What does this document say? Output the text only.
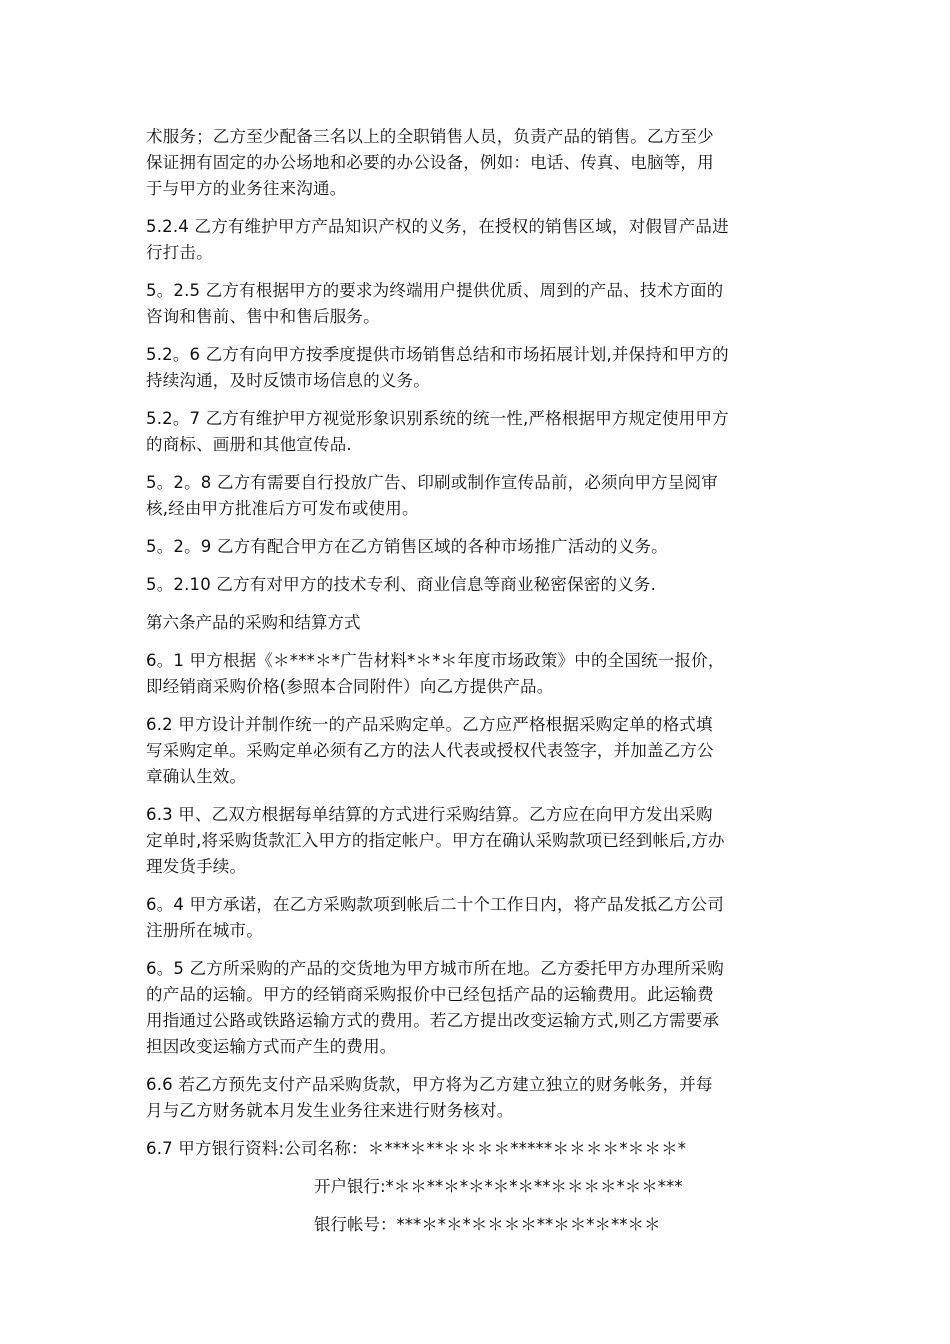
术服务；乙方至少配备三名以上的全职销售人员，负责产品的销售。乙方至少
保证拥有固定的办公场地和必要的办公设备，例如：电话、传真、电脑等，用
于与甲方的业务往来沟通。

5.2.4 乙方有维护甲方产品知识产权的义务，在授权的销售区域，对假冒产品进
行打击。

5。2.5 乙方有根据甲方的要求为终端用户提供优质、周到的产品、技术方面的
咨询和售前、售中和售后服务。

5.2。6 乙方有向甲方按季度提供市场销售总结和市场拓展计划,并保持和甲方的
持续沟通，及时反馈市场信息的义务。

5.2。7 乙方有维护甲方视觉形象识别系统的统一性,严格根据甲方规定使用甲方
的商标、画册和其他宣传品.

5。2。8 乙方有需要自行投放广告、印刷或制作宣传品前，必须向甲方呈阅审
核,经由甲方批准后方可发布或使用。

5。2。9 乙方有配合甲方在乙方销售区域的各种市场推广活动的义务。

5。2.10 乙方有对甲方的技术专利、商业信息等商业秘密保密的义务.

第六条产品的采购和结算方式

6。1 甲方根据《＊***＊*广告材料*＊*＊年度市场政策》中的全国统一报价，
即经销商采购价格(参照本合同附件）向乙方提供产品。

6.2 甲方设计并制作统一的产品采购定单。乙方应严格根据采购定单的格式填
写采购定单。采购定单必须有乙方的法人代表或授权代表签字，并加盖乙方公
章确认生效。

6.3 甲、乙双方根据每单结算的方式进行采购结算。乙方应在向甲方发出采购
定单时,将采购货款汇入甲方的指定帐户。甲方在确认采购款项已经到帐后,方办
理发货手续。

6。4 甲方承诺，在乙方采购款项到帐后二十个工作日内，将产品发抵乙方公司
注册所在城市。

6。5 乙方所采购的产品的交货地为甲方城市所在地。乙方委托甲方办理所采购
的产品的运输。甲方的经销商采购报价中已经包括产品的运输费用。此运输费
用指通过公路或铁路运输方式的费用。若乙方提出改变运输方式,则乙方需要承
担因改变运输方式而产生的费用。

6.6 若乙方预先支付产品采购货款，甲方将为乙方建立独立的财务帐务，并每
月与乙方财务就本月发生业务往来进行财务核对。

6.7 甲方银行资料:公司名称：＊***＊**＊＊＊＊*****＊＊＊＊*＊＊＊*

开户银行:*＊＊**＊*＊*＊*＊**＊＊＊＊*＊＊***

银行帐号：***＊*＊*＊＊＊＊**＊＊*＊**＊＊
